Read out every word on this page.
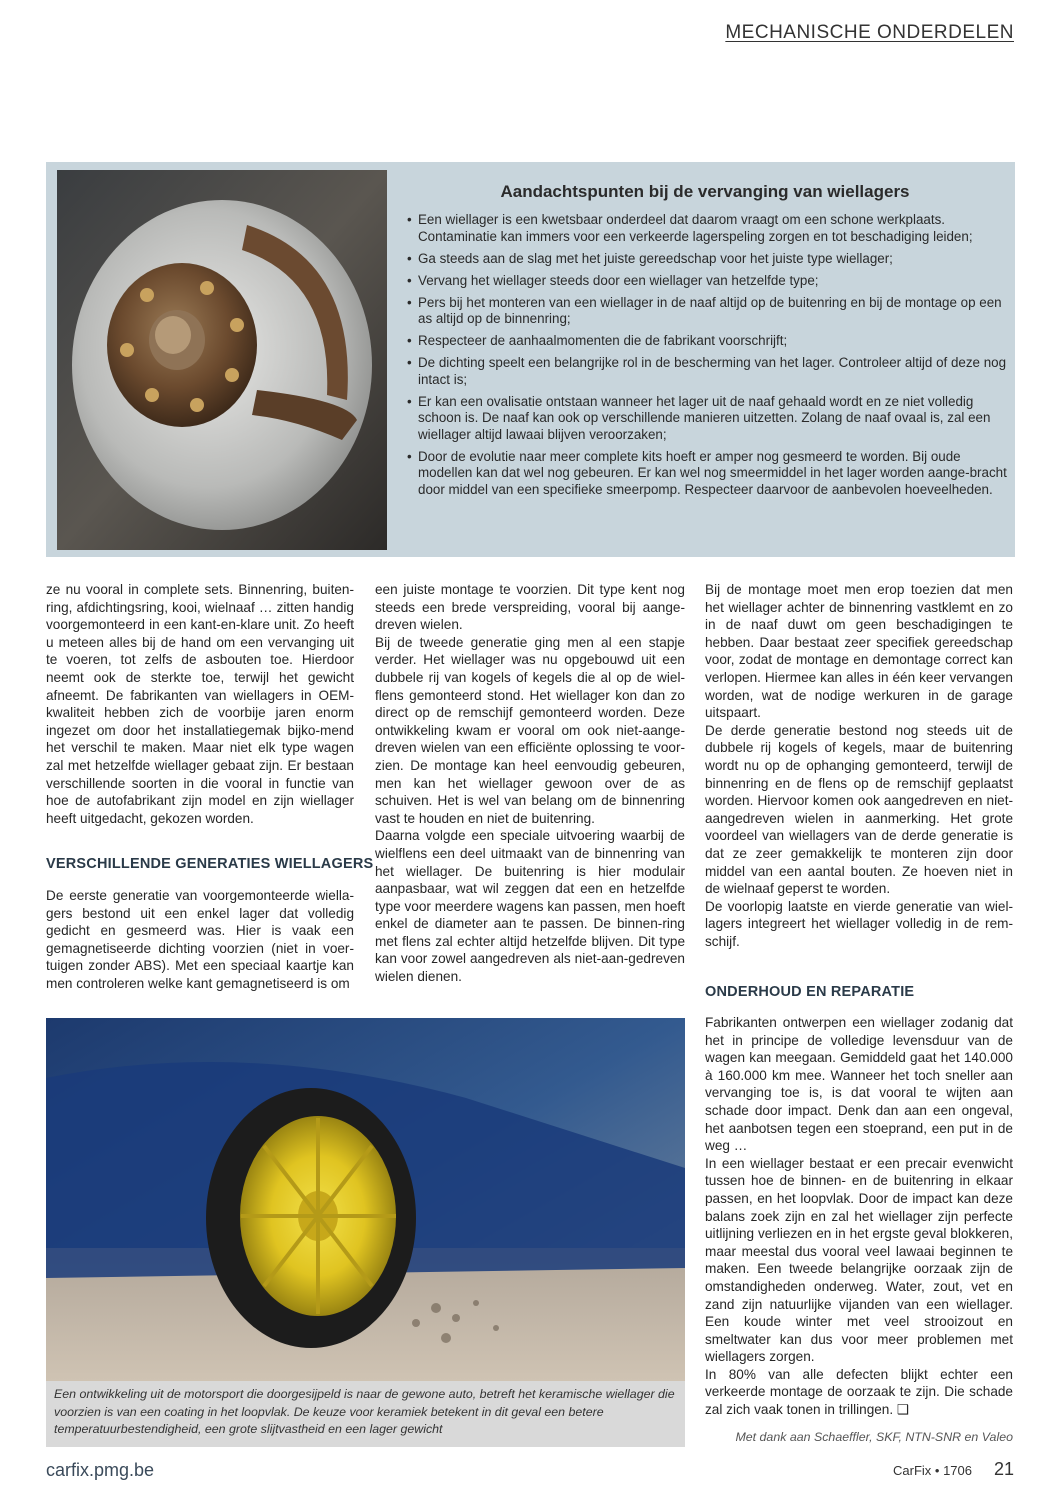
MECHANISCHE ONDERDELEN
Aandachtspunten bij de vervanging van wiellagers
• Een wiellager is een kwetsbaar onderdeel dat daarom vraagt om een schone werkplaats. Contaminatie kan immers voor een verkeerde lagerspeling zorgen en tot beschadiging leiden;
• Ga steeds aan de slag met het juiste gereedschap voor het juiste type wiellager;
• Vervang het wiellager steeds door een wiellager van hetzelfde type;
• Pers bij het monteren van een wiellager in de naaf altijd op de buitenring en bij de montage op een as altijd op de binnenring;
• Respecteer de aanhaalmomenten die de fabrikant voorschrijft;
• De dichting speelt een belangrijke rol in de bescherming van het lager. Controleer altijd of deze nog intact is;
• Er kan een ovalisatie ontstaan wanneer het lager uit de naaf gehaald wordt en ze niet volledig schoon is. De naaf kan ook op verschillende manieren uitzetten. Zolang de naaf ovaal is, zal een wiellager altijd lawaai blijven veroorzaken;
• Door de evolutie naar meer complete kits hoeft er amper nog gesmeerd te worden. Bij oude modellen kan dat wel nog gebeuren. Er kan wel nog smeermiddel in het lager worden aange-bracht door middel van een specifieke smeerpomp. Respecteer daarvoor de aanbevolen hoeveelheden.

ze nu vooral in complete sets. Binnenring, buiten-ring, afdichtingsring, kooi, wielnaaf … zitten handig voorgemonteerd in een kant-en-klare unit. Zo heeft u meteen alles bij de hand om een vervanging uit te voeren, tot zelfs de asbouten toe. Hierdoor neemt ook de sterkte toe, terwijl het gewicht afneemt. De fabrikanten van wiellagers in OEM-kwaliteit hebben zich de voorbije jaren enorm ingezet om door het installatiegemak bijko-mend het verschil te maken. Maar niet elk type wagen zal met hetzelfde wiellager gebaat zijn. Er bestaan verschillende soorten in die vooral in functie van hoe de autofabrikant zijn model en zijn wiellager heeft uitgedacht, gekozen worden.

VERSCHILLENDE GENERATIES WIELLAGERS

De eerste generatie van voorgemonteerde wiella-gers bestond uit een enkel lager dat volledig gedicht en gesmeerd was. Hier is vaak een gemagnetiseerde dichting voorzien (niet in voer-tuigen zonder ABS). Met een speciaal kaartje kan men controleren welke kant gemagnetiseerd is om

een juiste montage te voorzien. Dit type kent nog steeds een brede verspreiding, vooral bij aange-dreven wielen.

Bij de tweede generatie ging men al een stapje verder. Het wiellager was nu opgebouwd uit een dubbele rij van kogels of kegels die al op de wiel-flens gemonteerd stond. Het wiellager kon dan zo direct op de remschijf gemonteerd worden. Deze ontwikkeling kwam er vooral om ook niet-aange-dreven wielen van een efficiënte oplossing te voor-zien. De montage kan heel eenvoudig gebeuren, men kan het wiellager gewoon over de as schuiven. Het is wel van belang om de binnenring vast te houden en niet de buitenring.

Daarna volgde een speciale uitvoering waarbij de wielflens een deel uitmaakt van de binnenring van het wiellager. De buitenring is hier modulair aanpasbaar, wat wil zeggen dat een en hetzelfde type voor meerdere wagens kan passen, men hoeft enkel de diameter aan te passen. De binnen-ring met flens zal echter altijd hetzelfde blijven. Dit type kan voor zowel aangedreven als niet-aan-gedreven wielen dienen.

Bij de montage moet men erop toezien dat men het wiellager achter de binnenring vastklemt en zo in de naaf duwt om geen beschadigingen te hebben. Daar bestaat zeer specifiek gereedschap voor, zodat de montage en demontage correct kan verlopen. Hiermee kan alles in één keer vervangen worden, wat de nodige werkuren in de garage uitspaart.

De derde generatie bestond nog steeds uit de dubbele rij kogels of kegels, maar de buitenring wordt nu op de ophanging gemonteerd, terwijl de binnenring en de flens op de remschijf geplaatst worden. Hiervoor komen ook aangedreven en niet-aangedreven wielen in aanmerking. Het grote voordeel van wiellagers van de derde generatie is dat ze zeer gemakkelijk te monteren zijn door middel van een aantal bouten. Ze hoeven niet in de wielnaaf geperst te worden.

De voorlopig laatste en vierde generatie van wiel-lagers integreert het wiellager volledig in de rem-schijf.

ONDERHOUD EN REPARATIE

Fabrikanten ontwerpen een wiellager zodanig dat het in principe de volledige levensduur van de wagen kan meegaan. Gemiddeld gaat het 140.000 à 160.000 km mee. Wanneer het toch sneller aan vervanging toe is, is dat vooral te wijten aan schade door impact. Denk dan aan een ongeval, het aanbotsen tegen een stoeprand, een put in de weg …

In een wiellager bestaat er een precair evenwicht tussen hoe de binnen- en de buitenring in elkaar passen, en het loopvlak. Door de impact kan deze balans zoek zijn en zal het wiellager zijn perfecte uitlijning verliezen en in het ergste geval blokkeren, maar meestal dus vooral veel lawaai beginnen te maken. Een tweede belangrijke oorzaak zijn de omstandigheden onderweg. Water, zout, vet en zand zijn natuurlijke vijanden van een wiellager. Een koude winter met veel strooizout en smeltwater kan dus voor meer problemen met wiellagers zorgen.

In 80% van alle defecten blijkt echter een verkeerde montage de oorzaak te zijn. Die schade zal zich vaak tonen in trillingen. ❑

Een ontwikkeling uit de motorsport die doorgesijpeld is naar de gewone auto, betreft het keramische wiellager die voorzien is van een coating in het loopvlak. De keuze voor keramiek betekent in dit geval een betere temperatuurbestendigheid, een grote slijtvastheid en een lager gewicht
Met dank aan Schaeffler, SKF, NTN-SNR en Valeo
carfix.pmg.be	CarFix • 1706 21
